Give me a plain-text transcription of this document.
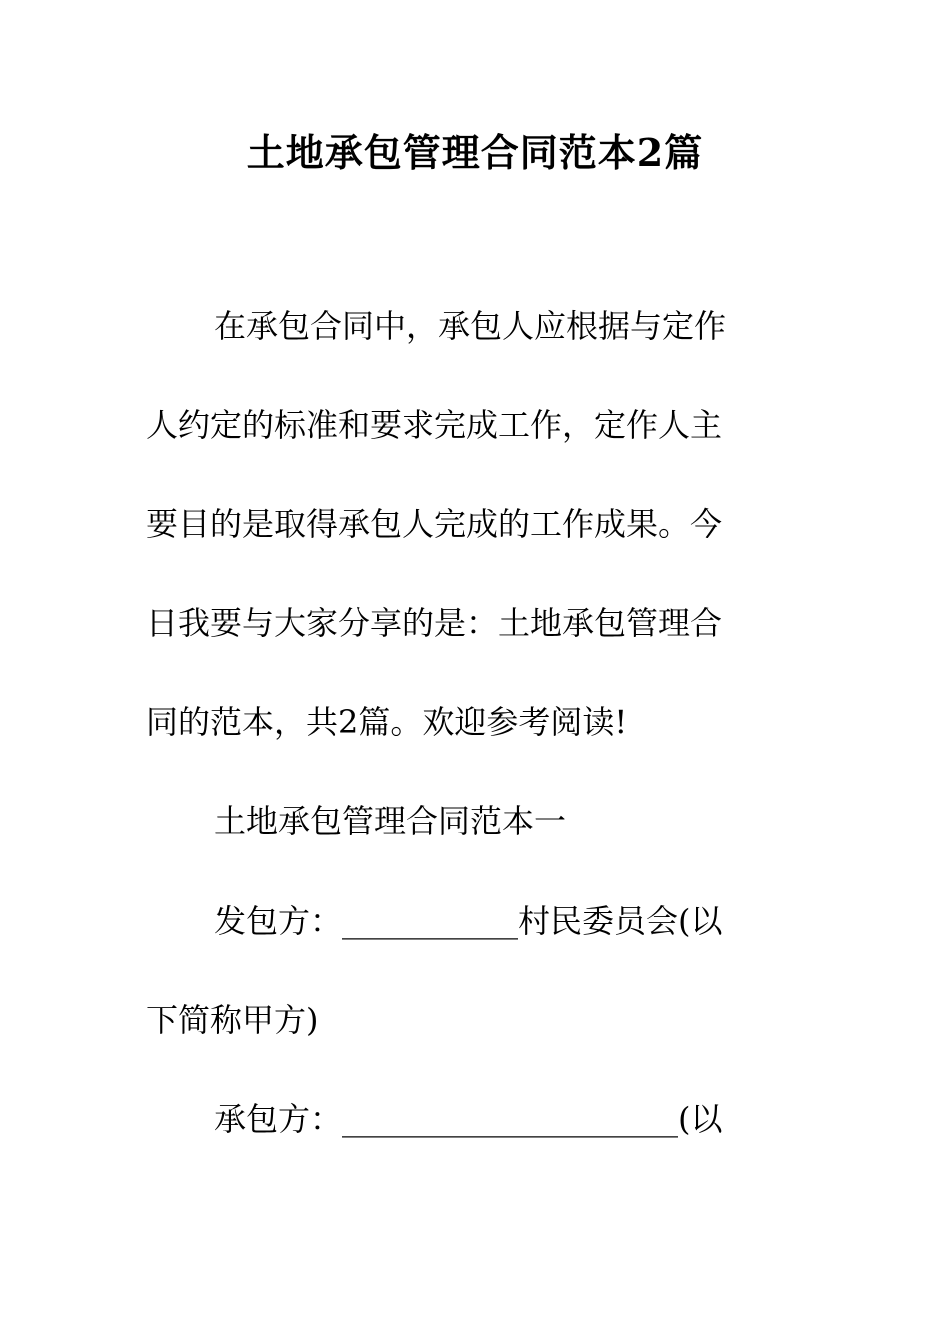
土地承包管理合同范本2篇
在承包合同中，承包人应根据与定作
人约定的标准和要求完成工作，定作人主
要目的是取得承包人完成的工作成果。今
日我要与大家分享的是：土地承包管理合
同的范本，共2篇。欢迎参考阅读!
土地承包管理合同范本一
发包方：___________村民委员会(以
下简称甲方)
承包方：_____________________(以
